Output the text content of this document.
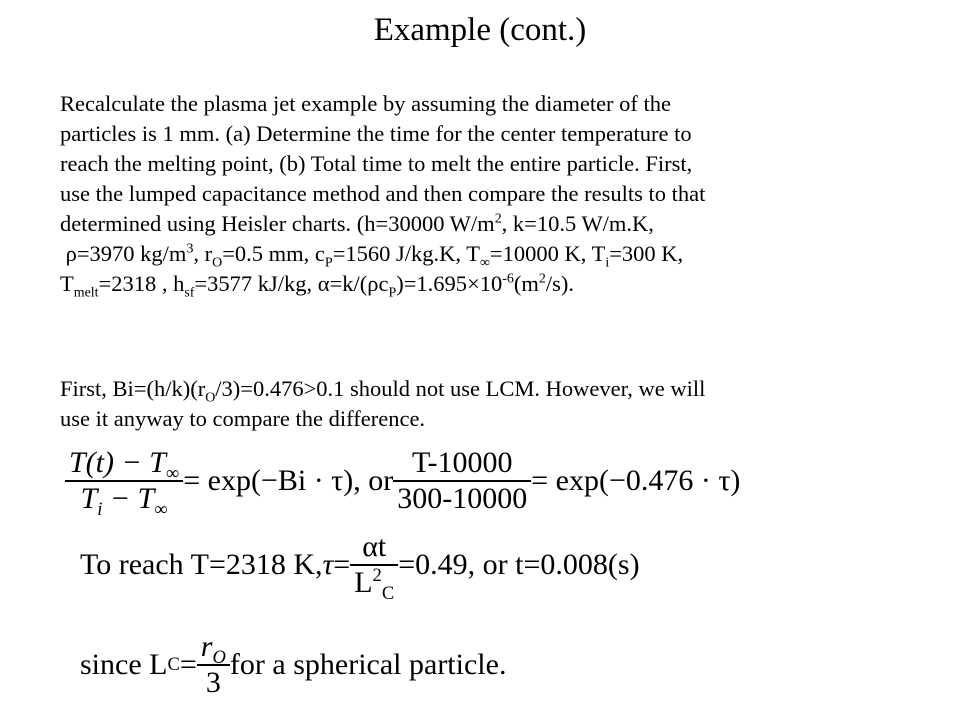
Example (cont.)
Recalculate the plasma jet example by assuming the diameter of the
particles is 1 mm. (a) Determine the time for the center temperature to
reach the melting point, (b) Total time to melt the entire particle. First,
use the lumped capacitance method and then compare the results to that
determined using Heisler charts. (h=30000 $W/m^2$, k=10.5 W/m.K,
ρ=3970 $kg/m^3$, $r_O=0.5$ mm, $c_P=1560$ J/kg.K, $T_\infty=10000$ K, $T_i=300$ K,
$T_{melt}=2318$ , $h_{sf}=3577$ kJ/kg, $\alpha=k/(\rho c_P)=1.695\times 10^{-6}(m^2/s)$.
First, $Bi=(h/k)(r_O/3)=0.476>0.1$ should not use LCM. However, we will
use it anyway to compare the difference.
$\frac{T(t) - T_\infty}{T_i - T_\infty} = \exp(-Bi \cdot \tau)$, or $\frac{T-10000}{300-10000} = \exp(-0.476 \cdot \tau)$
To reach T=2318 $K,\tau= \frac{\alpha t}{L^2_C} =0.49$, or t=0.008(s)
since $LC= \frac{r_O}{3}$ for a spherical particle.
